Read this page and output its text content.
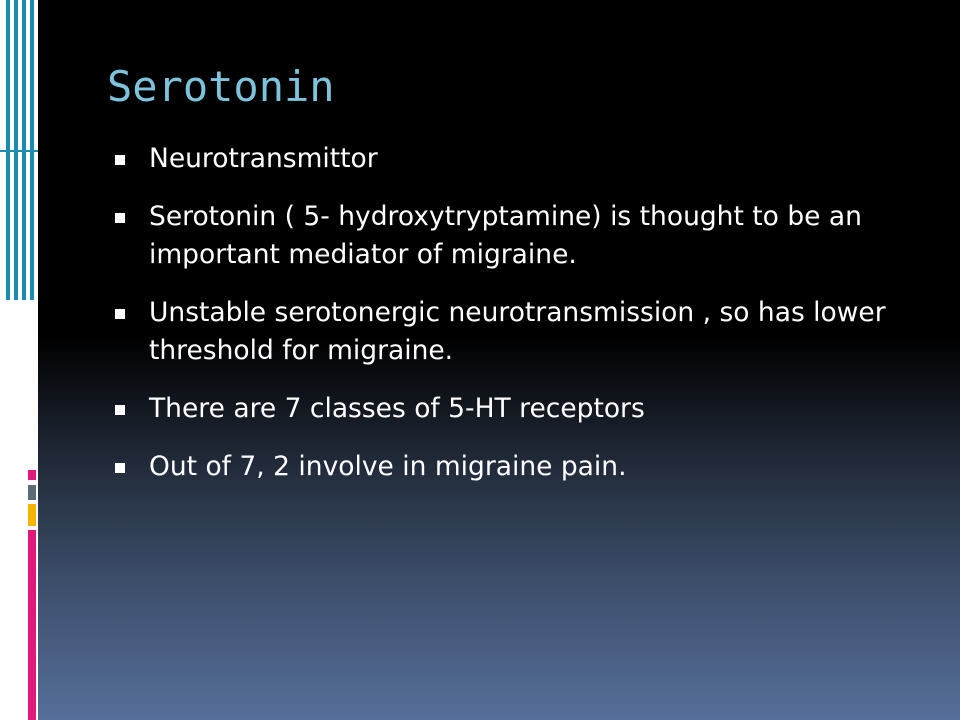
Serotonin
Neurotransmittor
Serotonin ( 5- hydroxytryptamine) is thought to be an important mediator of migraine.
Unstable serotonergic neurotransmission , so has lower threshold for migraine.
There are 7 classes of 5-HT receptors
Out of 7, 2 involve in migraine pain.
